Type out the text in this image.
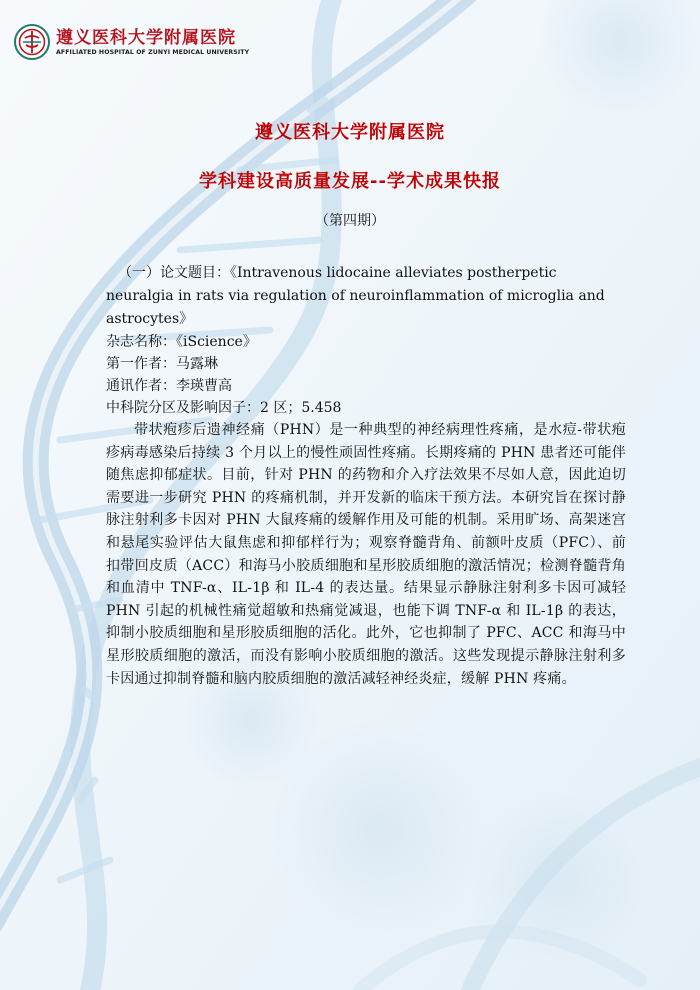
遵义医科大学附属医院
AFFILIATED HOSPITAL OF ZUNYI MEDICAL UNIVERSITY
遵义医科大学附属医院
学科建设高质量发展--学术成果快报
（第四期）

（一）论文题目：《Intravenous lidocaine alleviates postherpetic neuralgia in rats via regulation of neuroinflammation of microglia and astrocytes》

杂志名称：《iScience》

第一作者：马露琳

通讯作者：李瑛曹高

中科院分区及影响因子：2 区；5.458

带状疱疹后遗神经痛（PHN）是一种典型的神经病理性疼痛，是水痘-带状疱疹病毒感染后持续 3 个月以上的慢性顽固性疼痛。长期疼痛的 PHN 患者还可能伴随焦虑抑郁症状。目前，针对 PHN 的药物和介入疗法效果不尽如人意，因此迫切需要进一步研究 PHN 的疼痛机制，并开发新的临床干预方法。本研究旨在探讨静脉注射利多卡因对 PHN 大鼠疼痛的缓解作用及可能的机制。采用旷场、高架迷宫和悬尾实验评估大鼠焦虑和抑郁样行为；观察脊髓背角、前额叶皮质（PFC）、前扣带回皮质（ACC）和海马小胶质细胞和星形胶质细胞的激活情况；检测脊髓背角和血清中 TNF-α、IL-1β 和 IL-4 的表达量。结果显示静脉注射利多卡因可减轻 PHN 引起的机械性痛觉超敏和热痛觉减退，也能下调 TNF-α 和 IL-1β 的表达，抑制小胶质细胞和星形胶质细胞的活化。此外，它也抑制了 PFC、ACC 和海马中星形胶质细胞的激活，而没有影响小胶质细胞的激活。这些发现提示静脉注射利多卡因通过抑制脊髓和脑内胶质细胞的激活减轻神经炎症，缓解 PHN 疼痛。
